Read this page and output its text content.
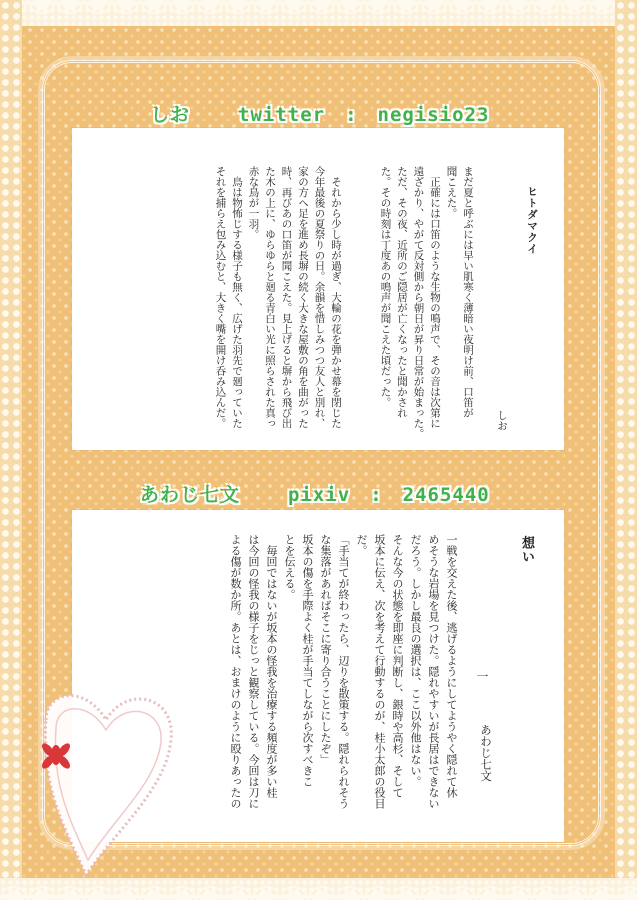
しお	twitter : negisio23
ヒトダマクイ
しお
まだ夏と呼ぶには早い肌寒く薄暗い夜明け前、口笛が
聞こえた。
　正確には口笛のような生物の鳴声で、その音は次第に
遠ざかり、やがて反対側から朝日が昇り日常が始まった。
ただ、その夜、近所のご隠居が亡くなったと聞かされ
た。その時刻は丁度あの鳴声が聞こえた頃だった。

　それから少し時が過ぎ、大輪の花を弾かせ幕を閉じた
今年最後の夏祭りの日。余韻を惜しみつつ友人と別れ、
家の方へ足を進め長塀の続く大きな屋敷の角を曲がった
時、再びあの口笛が聞こえた。見上げると塀から飛び出
た木の上に、ゆらゆらと廻る青白い光に照らされた真っ
赤な鳥が一羽。
　鳥は物怖じする様子も無く、広げた羽先で廻っていた
それを捕らえ包み込むと、大きく嘴を開け呑み込んだ。
あわじ七文	pixiv : 2465440
想い
一
あわじ七文
一戦を交えた後、逃げるようにしてようやく隠れて休
めそうな岩場を見つけた。隠れやすいが長居はできない
だろう。しかし最良の選択は、ここ以外他はない。
そんな今の状態を即座に判断し、銀時や高杉、そして
坂本に伝え、次を考えて行動するのが、桂小太郎の役目
だ。
「手当てが終わったら、辺りを散策する。隠れられそう
な集落があればそこに寄り合うことにしたぞ」
坂本の傷を手際よく桂が手当てしながら次すべきこ
とを伝える。
　毎回ではないが坂本の怪我を治療する頻度が多い桂
は今回の怪我の様子をじっと観察している。今回は刀に
よる傷が数か所。あとは、おまけのように殴りあったの
